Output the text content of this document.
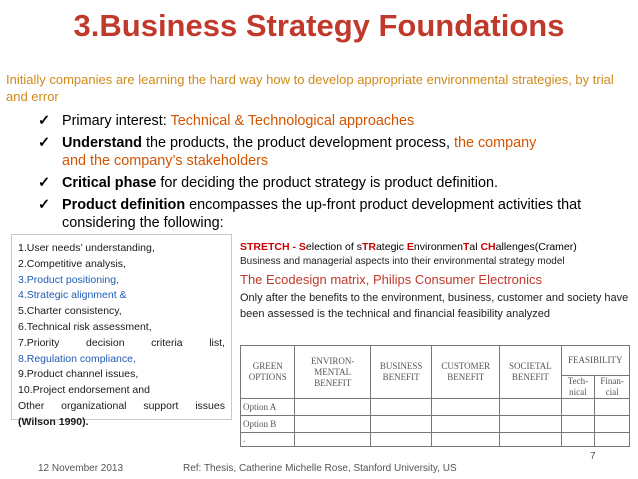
3.Business Strategy Foundations
Initially companies are learning the hard way how to develop appropriate environmental strategies, by trial and error
✓ Primary interest: Technical & Technological approaches
✓ Understand the products, the product development process, the company
and the company’s stakeholders
✓ Critical phase for deciding the product strategy is product definition.
✓ Product definition encompasses the up-front product development activities that considering the following:
1.User needs’ understanding,
2.Competitive analysis,
3.Product positioning,
4.Strategic alignment &
5.Charter consistency,
6.Technical risk assessment,
7.Priority	decision	criteria	list,
8.Regulation compliance,
9.Product channel issues,
10.Project endorsement and
Other organizational support issues
(Wilson 1990).
STRETCH - Selection of sTRategic EnvironmenTal CHallenges(Cramer)
Business and managerial aspects into their environmental strategy model
The Ecodesign matrix, Philips Consumer Electronics
Only after the benefits to the environment, business, customer and society have been assessed is the technical and financial feasibility analyzed
GREEN OPTIONS	ENVIRON-MENTAL BENEFIT	BUSINESS BENEFIT	CUSTOMER BENEFIT	SOCIETAL BENEFIT	FEASIBILITY	
					Tech-nical	Finan-cial
Option A						
Option B						
.						
7
12 November 2013	Ref: Thesis, Catherine Michelle Rose, Stanford University, US
